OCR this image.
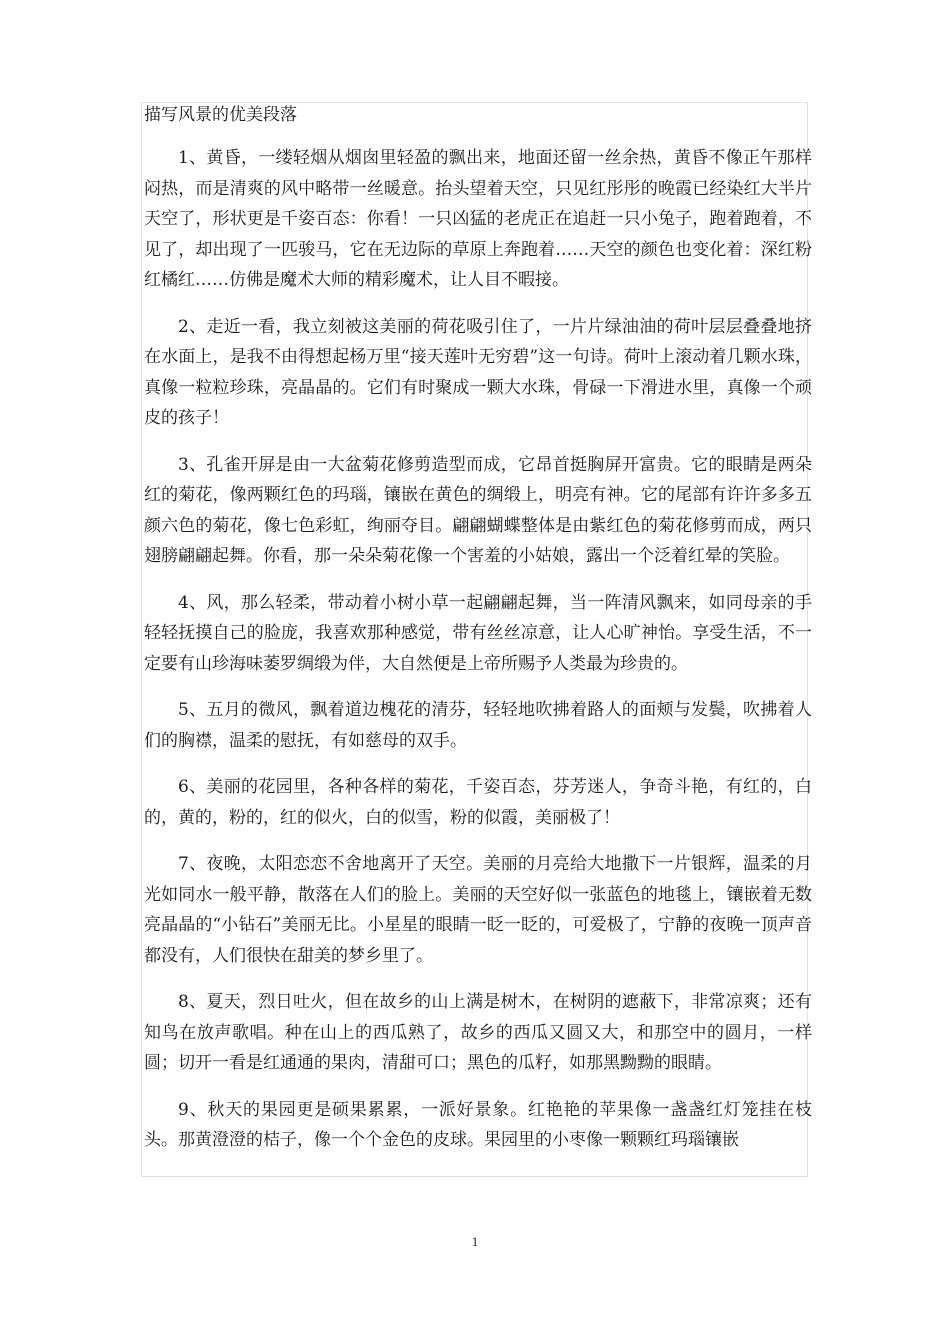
描写风景的优美段落

1、黄昏，一缕轻烟从烟囱里轻盈的飘出来，地面还留一丝余热，黄昏不像正午那样闷热，而是清爽的风中略带一丝暖意。抬头望着天空，只见红彤彤的晚霞已经染红大半片天空了，形状更是千姿百态：你看！一只凶猛的老虎正在追赶一只小兔子，跑着跑着，不见了，却出现了一匹骏马，它在无边际的草原上奔跑着……天空的颜色也变化着：深红粉红橘红……仿佛是魔术大师的精彩魔术，让人目不暇接。

2、走近一看，我立刻被这美丽的荷花吸引住了，一片片绿油油的荷叶层层叠叠地挤在水面上，是我不由得想起杨万里“接天莲叶无穷碧”这一句诗。荷叶上滚动着几颗水珠，真像一粒粒珍珠，亮晶晶的。它们有时聚成一颗大水珠，骨碌一下滑进水里，真像一个顽皮的孩子！

3、孔雀开屏是由一大盆菊花修剪造型而成，它昂首挺胸屏开富贵。它的眼睛是两朵红的菊花，像两颗红色的玛瑙，镶嵌在黄色的绸缎上，明亮有神。它的尾部有许许多多五颜六色的菊花，像七色彩虹，绚丽夺目。翩翩蝴蝶整体是由紫红色的菊花修剪而成，两只翅膀翩翩起舞。你看，那一朵朵菊花像一个害羞的小姑娘，露出一个泛着红晕的笑脸。

4、风，那么轻柔，带动着小树小草一起翩翩起舞，当一阵清风飘来，如同母亲的手轻轻抚摸自己的脸庞，我喜欢那种感觉，带有丝丝凉意，让人心旷神怡。享受生活，不一定要有山珍海味萎罗绸缎为伴，大自然便是上帝所赐予人类最为珍贵的。

5、五月的微风，飘着道边槐花的清芬，轻轻地吹拂着路人的面颊与发鬓，吹拂着人们的胸襟，温柔的慰抚，有如慈母的双手。

6、美丽的花园里，各种各样的菊花，千姿百态，芬芳迷人，争奇斗艳，有红的，白的，黄的，粉的，红的似火，白的似雪，粉的似霞，美丽极了！

7、夜晚，太阳恋恋不舍地离开了天空。美丽的月亮给大地撒下一片银辉，温柔的月光如同水一般平静，散落在人们的脸上。美丽的天空好似一张蓝色的地毯上，镶嵌着无数亮晶晶的“小钻石”美丽无比。小星星的眼睛一眨一眨的，可爱极了，宁静的夜晚一顶声音都没有，人们很快在甜美的梦乡里了。

8、夏天，烈日吐火，但在故乡的山上满是树木，在树阴的遮蔽下，非常凉爽；还有知鸟在放声歌唱。种在山上的西瓜熟了，故乡的西瓜又圆又大，和那空中的圆月，一样圆；切开一看是红通通的果肉，清甜可口；黑色的瓜籽，如那黑黝黝的眼睛。

9、秋天的果园更是硕果累累，一派好景象。红艳艳的苹果像一盏盏红灯笼挂在枝头。那黄澄澄的桔子，像一个个金色的皮球。果园里的小枣像一颗颗红玛瑙镶嵌

1
